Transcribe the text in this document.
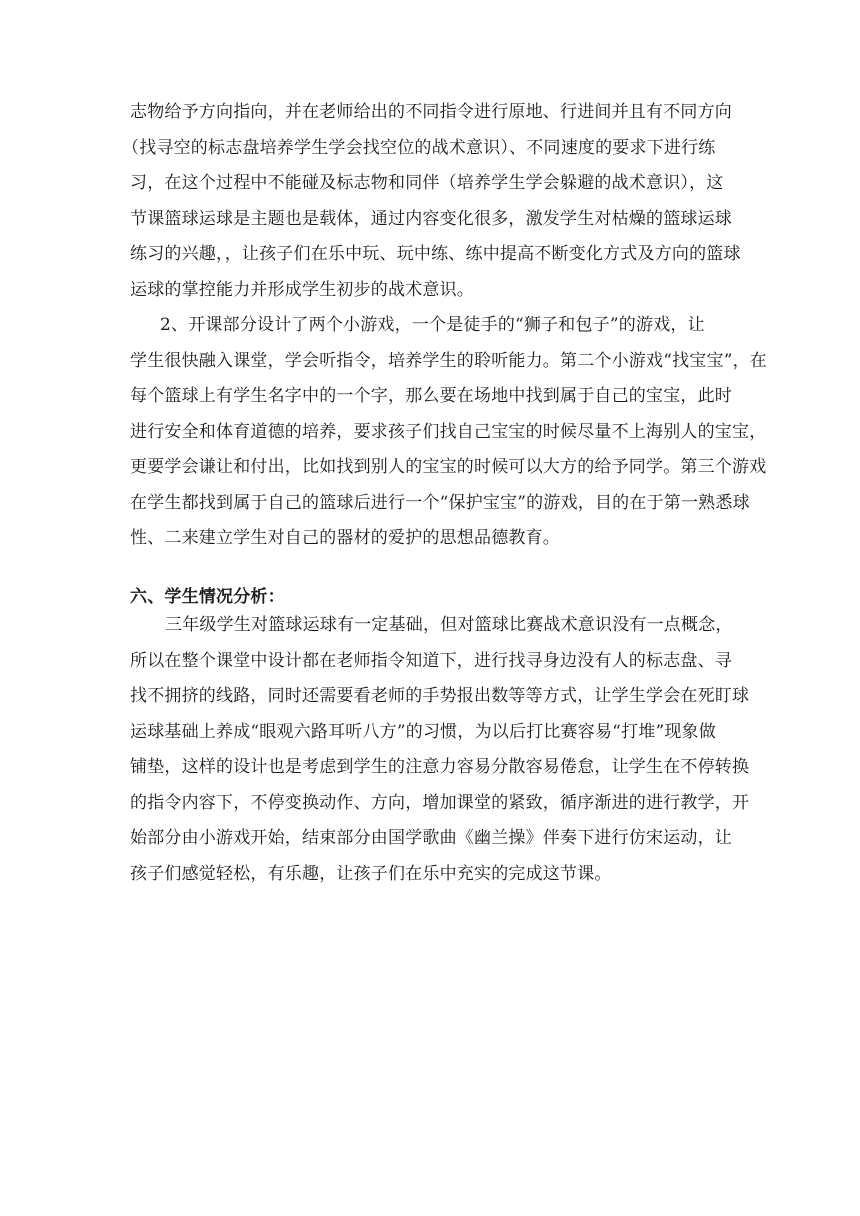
志物给予方向指向，并在老师给出的不同指令进行原地、行进间并且有不同方向
（找寻空的标志盘培养学生学会找空位的战术意识）、不同速度的要求下进行练
习，在这个过程中不能碰及标志物和同伴（培养学生学会躲避的战术意识），这
节课篮球运球是主题也是载体，通过内容变化很多，激发学生对枯燥的篮球运球
练习的兴趣，，让孩子们在乐中玩、玩中练、练中提高不断变化方式及方向的篮球
运球的掌控能力并形成学生初步的战术意识。
2、开课部分设计了两个小游戏，一个是徒手的“狮子和包子”的游戏，让
学生很快融入课堂，学会听指令，培养学生的聆听能力。第二个小游戏“找宝宝”，在
每个篮球上有学生名字中的一个字，那么要在场地中找到属于自己的宝宝，此时
进行安全和体育道德的培养，要求孩子们找自己宝宝的时候尽量不上海别人的宝宝，
更要学会谦让和付出，比如找到别人的宝宝的时候可以大方的给予同学。第三个游戏
在学生都找到属于自己的篮球后进行一个“保护宝宝”的游戏，目的在于第一熟悉球
性、二来建立学生对自己的器材的爱护的思想品德教育。
六、学生情况分析：
三年级学生对篮球运球有一定基础，但对篮球比赛战术意识没有一点概念，
所以在整个课堂中设计都在老师指令知道下，进行找寻身边没有人的标志盘、寻
找不拥挤的线路，同时还需要看老师的手势报出数等等方式，让学生学会在死盯球
运球基础上养成“眼观六路耳听八方”的习惯，为以后打比赛容易“打堆”现象做
铺垫，这样的设计也是考虑到学生的注意力容易分散容易倦怠，让学生在不停转换
的指令内容下，不停变换动作、方向，增加课堂的紧致，循序渐进的进行教学，开
始部分由小游戏开始，结束部分由国学歌曲《幽兰操》伴奏下进行仿宋运动，让
孩子们感觉轻松，有乐趣，让孩子们在乐中充实的完成这节课。
